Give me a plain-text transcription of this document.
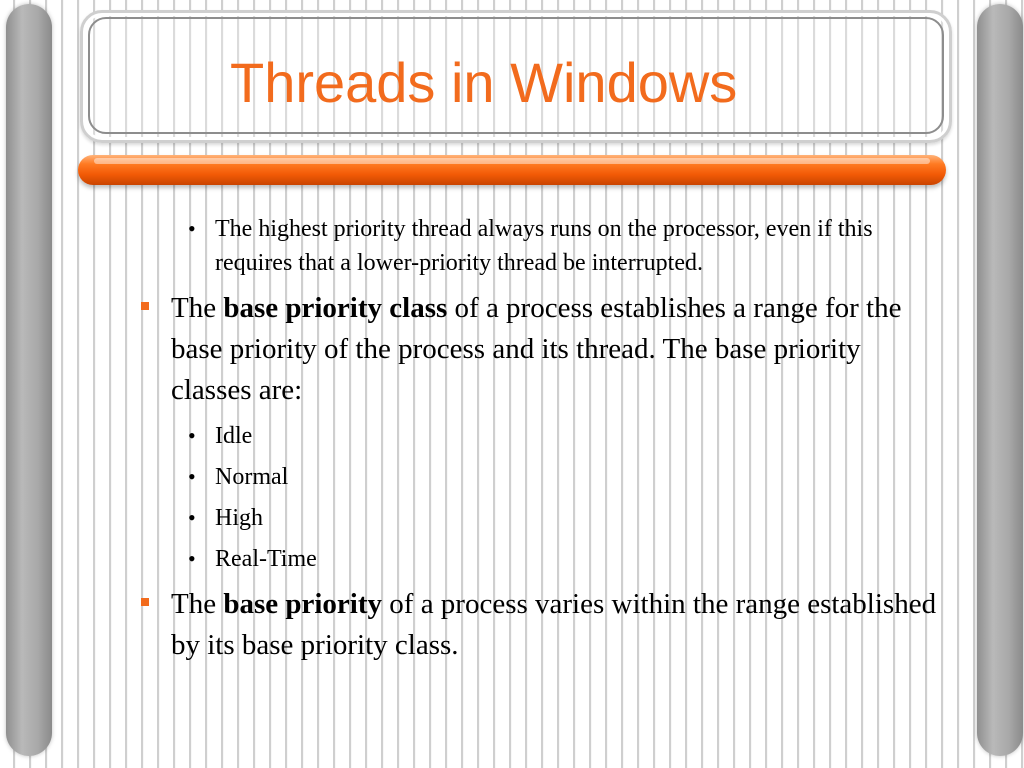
Threads in Windows

• The highest priority thread always runs on the processor, even if this requires that a lower-priority thread be interrupted.

The base priority class of a process establishes a range for the base priority of the process and its thread. The base priority classes are:

• Idle
• Normal
• High
• Real-Time

The base priority of a process varies within the range established by its base priority class.
